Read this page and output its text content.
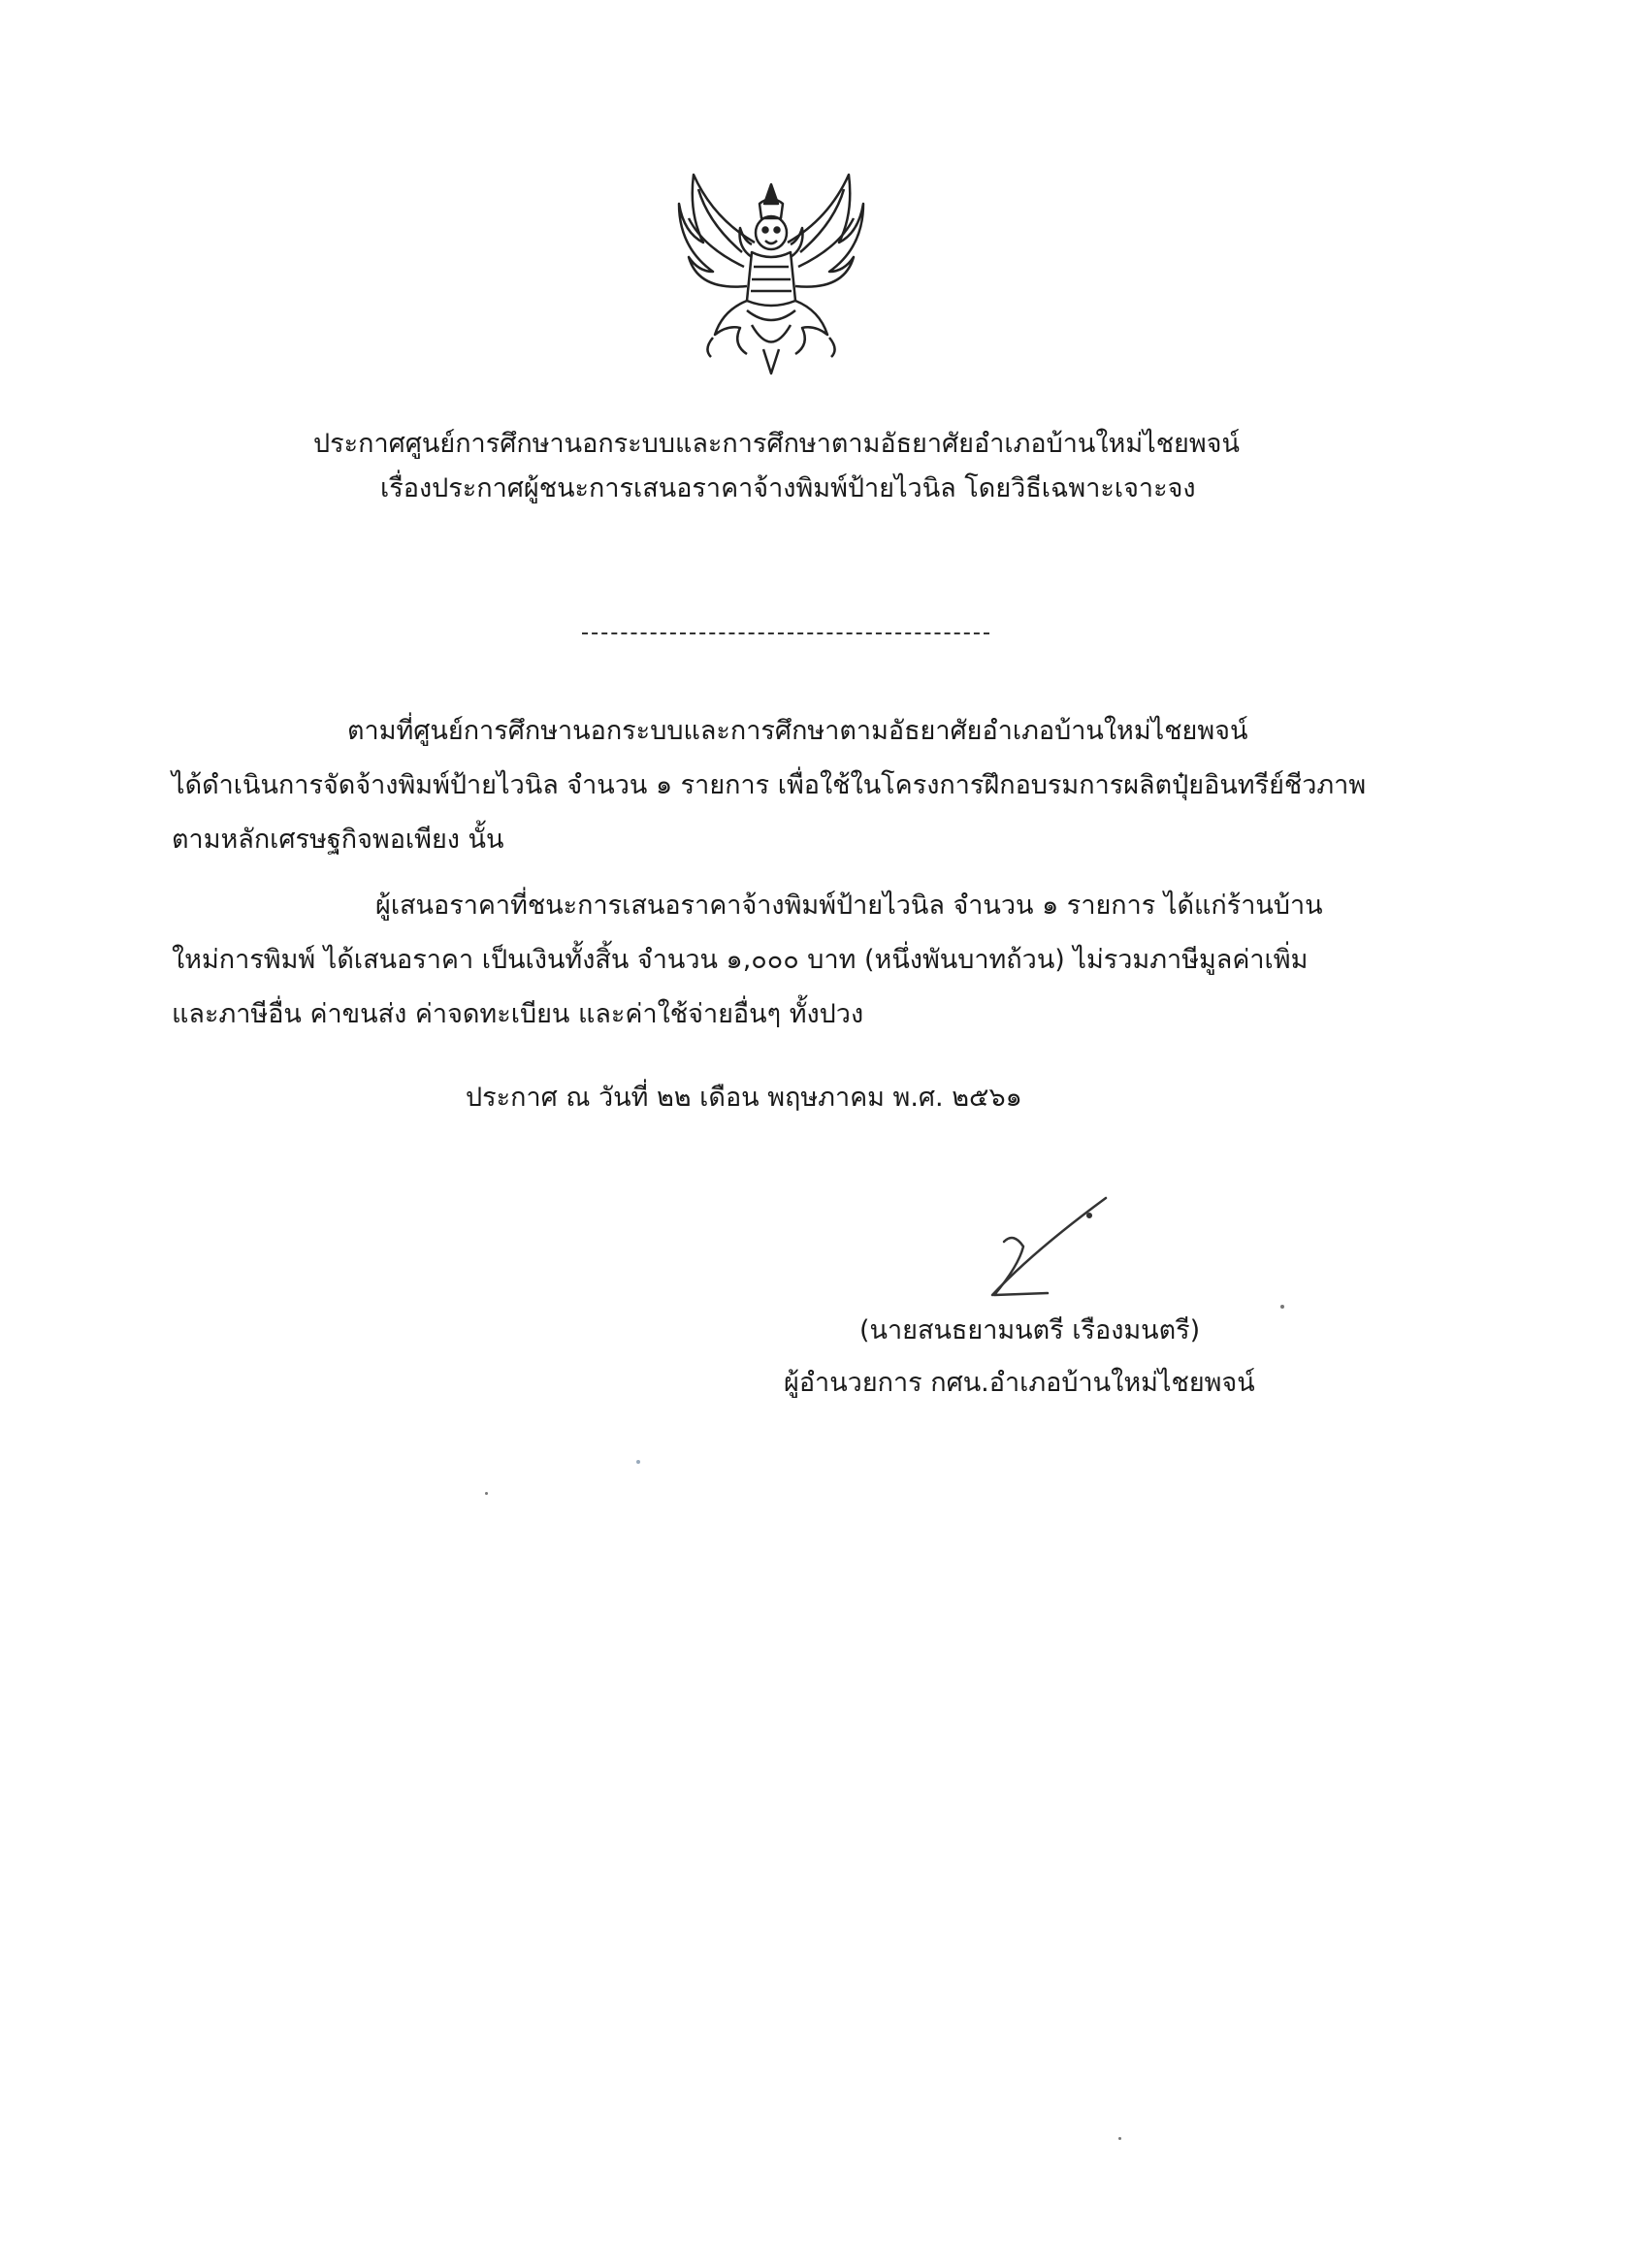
ประกาศศูนย์การศึกษานอกระบบและการศึกษาตามอัธยาศัยอำเภอบ้านใหม่ไชยพจน์
เรื่องประกาศผู้ชนะการเสนอราคาจ้างพิมพ์ป้ายไวนิล โดยวิธีเฉพาะเจาะจง
ตามที่ศูนย์การศึกษานอกระบบและการศึกษาตามอัธยาศัยอำเภอบ้านใหม่ไชยพจน์
ได้ดำเนินการจัดจ้างพิมพ์ป้ายไวนิล จำนวน ๑ รายการ เพื่อใช้ในโครงการฝึกอบรมการผลิตปุ๋ยอินทรีย์ชีวภาพ
ตามหลักเศรษฐกิจพอเพียง นั้น
ผู้เสนอราคาที่ชนะการเสนอราคาจ้างพิมพ์ป้ายไวนิล จำนวน ๑ รายการ ได้แก่ร้านบ้าน
ใหม่การพิมพ์ ได้เสนอราคา เป็นเงินทั้งสิ้น จำนวน ๑,๐๐๐ บาท (หนึ่งพันบาทถ้วน) ไม่รวมภาษีมูลค่าเพิ่ม
และภาษีอื่น ค่าขนส่ง ค่าจดทะเบียน และค่าใช้จ่ายอื่นๆ ทั้งปวง
ประกาศ ณ วันที่ ๒๒ เดือน พฤษภาคม พ.ศ. ๒๕๖๑
(นายสนธยามนตรี เรืองมนตรี)
ผู้อำนวยการ กศน.อำเภอบ้านใหม่ไชยพจน์
